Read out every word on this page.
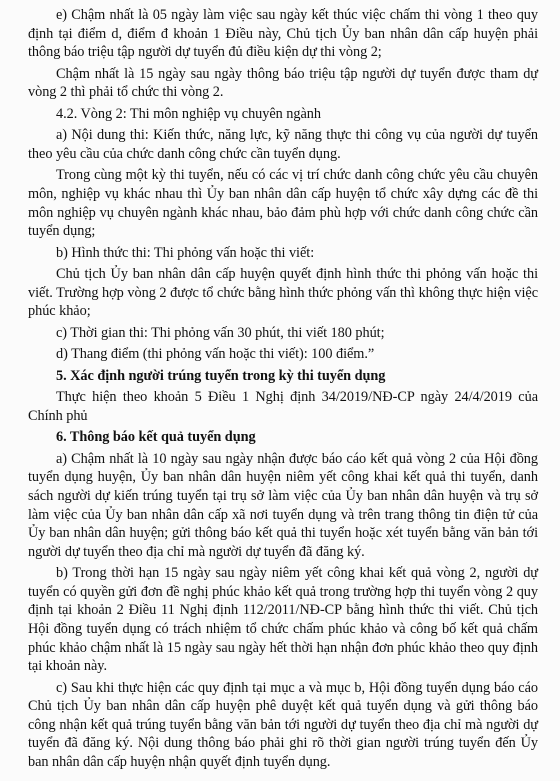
e) Chậm nhất là 05 ngày làm việc sau ngày kết thúc việc chấm thi vòng 1 theo quy định tại điểm d, điểm đ khoản 1 Điều này, Chủ tịch Ủy ban nhân dân cấp huyện phải thông báo triệu tập người dự tuyển đủ điều kiện dự thi vòng 2;

Chậm nhất là 15 ngày sau ngày thông báo triệu tập người dự tuyển được tham dự vòng 2 thì phải tổ chức thi vòng 2.

4.2. Vòng 2: Thi môn nghiệp vụ chuyên ngành

a) Nội dung thi: Kiến thức, năng lực, kỹ năng thực thi công vụ của người dự tuyển theo yêu cầu của chức danh công chức cần tuyển dụng.

Trong cùng một kỳ thi tuyển, nếu có các vị trí chức danh công chức yêu cầu chuyên môn, nghiệp vụ khác nhau thì Ủy ban nhân dân cấp huyện tổ chức xây dựng các đề thi môn nghiệp vụ chuyên ngành khác nhau, bảo đảm phù hợp với chức danh công chức cần tuyển dụng;

b) Hình thức thi: Thi phỏng vấn hoặc thi viết:

Chủ tịch Ủy ban nhân dân cấp huyện quyết định hình thức thi phỏng vấn hoặc thi viết. Trường hợp vòng 2 được tổ chức bằng hình thức phỏng vấn thì không thực hiện việc phúc khảo;

c) Thời gian thi: Thi phỏng vấn 30 phút, thi viết 180 phút;

d) Thang điểm (thi phỏng vấn hoặc thi viết): 100 điểm.”

5. Xác định người trúng tuyển trong kỳ thi tuyển dụng

Thực hiện theo khoản 5 Điều 1 Nghị định 34/2019/NĐ-CP ngày 24/4/2019 của Chính phủ

6. Thông báo kết quả tuyển dụng

a) Chậm nhất là 10 ngày sau ngày nhận được báo cáo kết quả vòng 2 của Hội đồng tuyển dụng huyện, Ủy ban nhân dân huyện niêm yết công khai kết quả thi tuyển, danh sách người dự kiến trúng tuyển tại trụ sở làm việc của Ủy ban nhân dân huyện và trụ sở làm việc của Ủy ban nhân dân cấp xã nơi tuyển dụng và trên trang thông tin điện tử của Ủy ban nhân dân huyện; gửi thông báo kết quả thi tuyển hoặc xét tuyển bằng văn bản tới người dự tuyển theo địa chỉ mà người dự tuyển đã đăng ký.

b) Trong thời hạn 15 ngày sau ngày niêm yết công khai kết quả vòng 2, người dự tuyển có quyền gửi đơn đề nghị phúc khảo kết quả trong trường hợp thi tuyển vòng 2 quy định tại khoản 2 Điều 11 Nghị định 112/2011/NĐ-CP bằng hình thức thi viết. Chủ tịch Hội đồng tuyển dụng có trách nhiệm tổ chức chấm phúc khảo và công bố kết quả chấm phúc khảo chậm nhất là 15 ngày sau ngày hết thời hạn nhận đơn phúc khảo theo quy định tại khoản này.

c) Sau khi thực hiện các quy định tại mục a và mục b, Hội đồng tuyển dụng báo cáo Chủ tịch Ủy ban nhân dân cấp huyện phê duyệt kết quả tuyển dụng và gửi thông báo công nhận kết quả trúng tuyển bằng văn bản tới người dự tuyển theo địa chỉ mà người dự tuyển đã đăng ký. Nội dung thông báo phải ghi rõ thời gian người trúng tuyển đến Ủy ban nhân dân cấp huyện nhận quyết định tuyển dụng.
